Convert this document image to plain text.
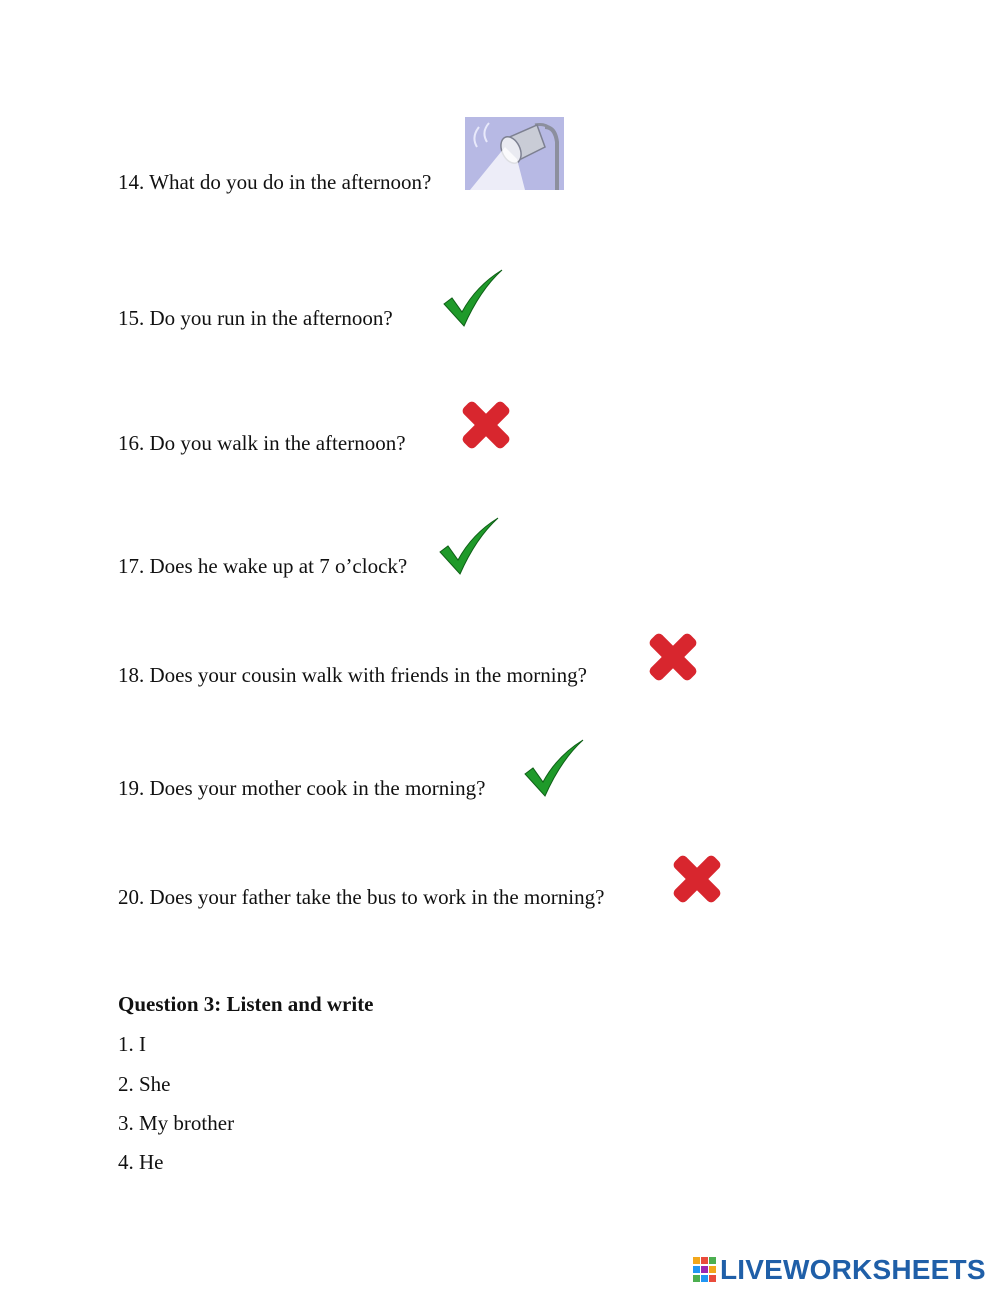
14. What do you do in the afternoon?
15. Do you run in the afternoon?
16. Do you walk in the afternoon?
17. Does he wake up at 7 o’clock?
18. Does your cousin walk with friends in the morning?
19. Does your mother cook in the morning?
20. Does your father take the bus to work in the morning?
Question 3: Listen and write
1. I
2. She
3. My brother
4. He
LIVEWORKSHEETS
